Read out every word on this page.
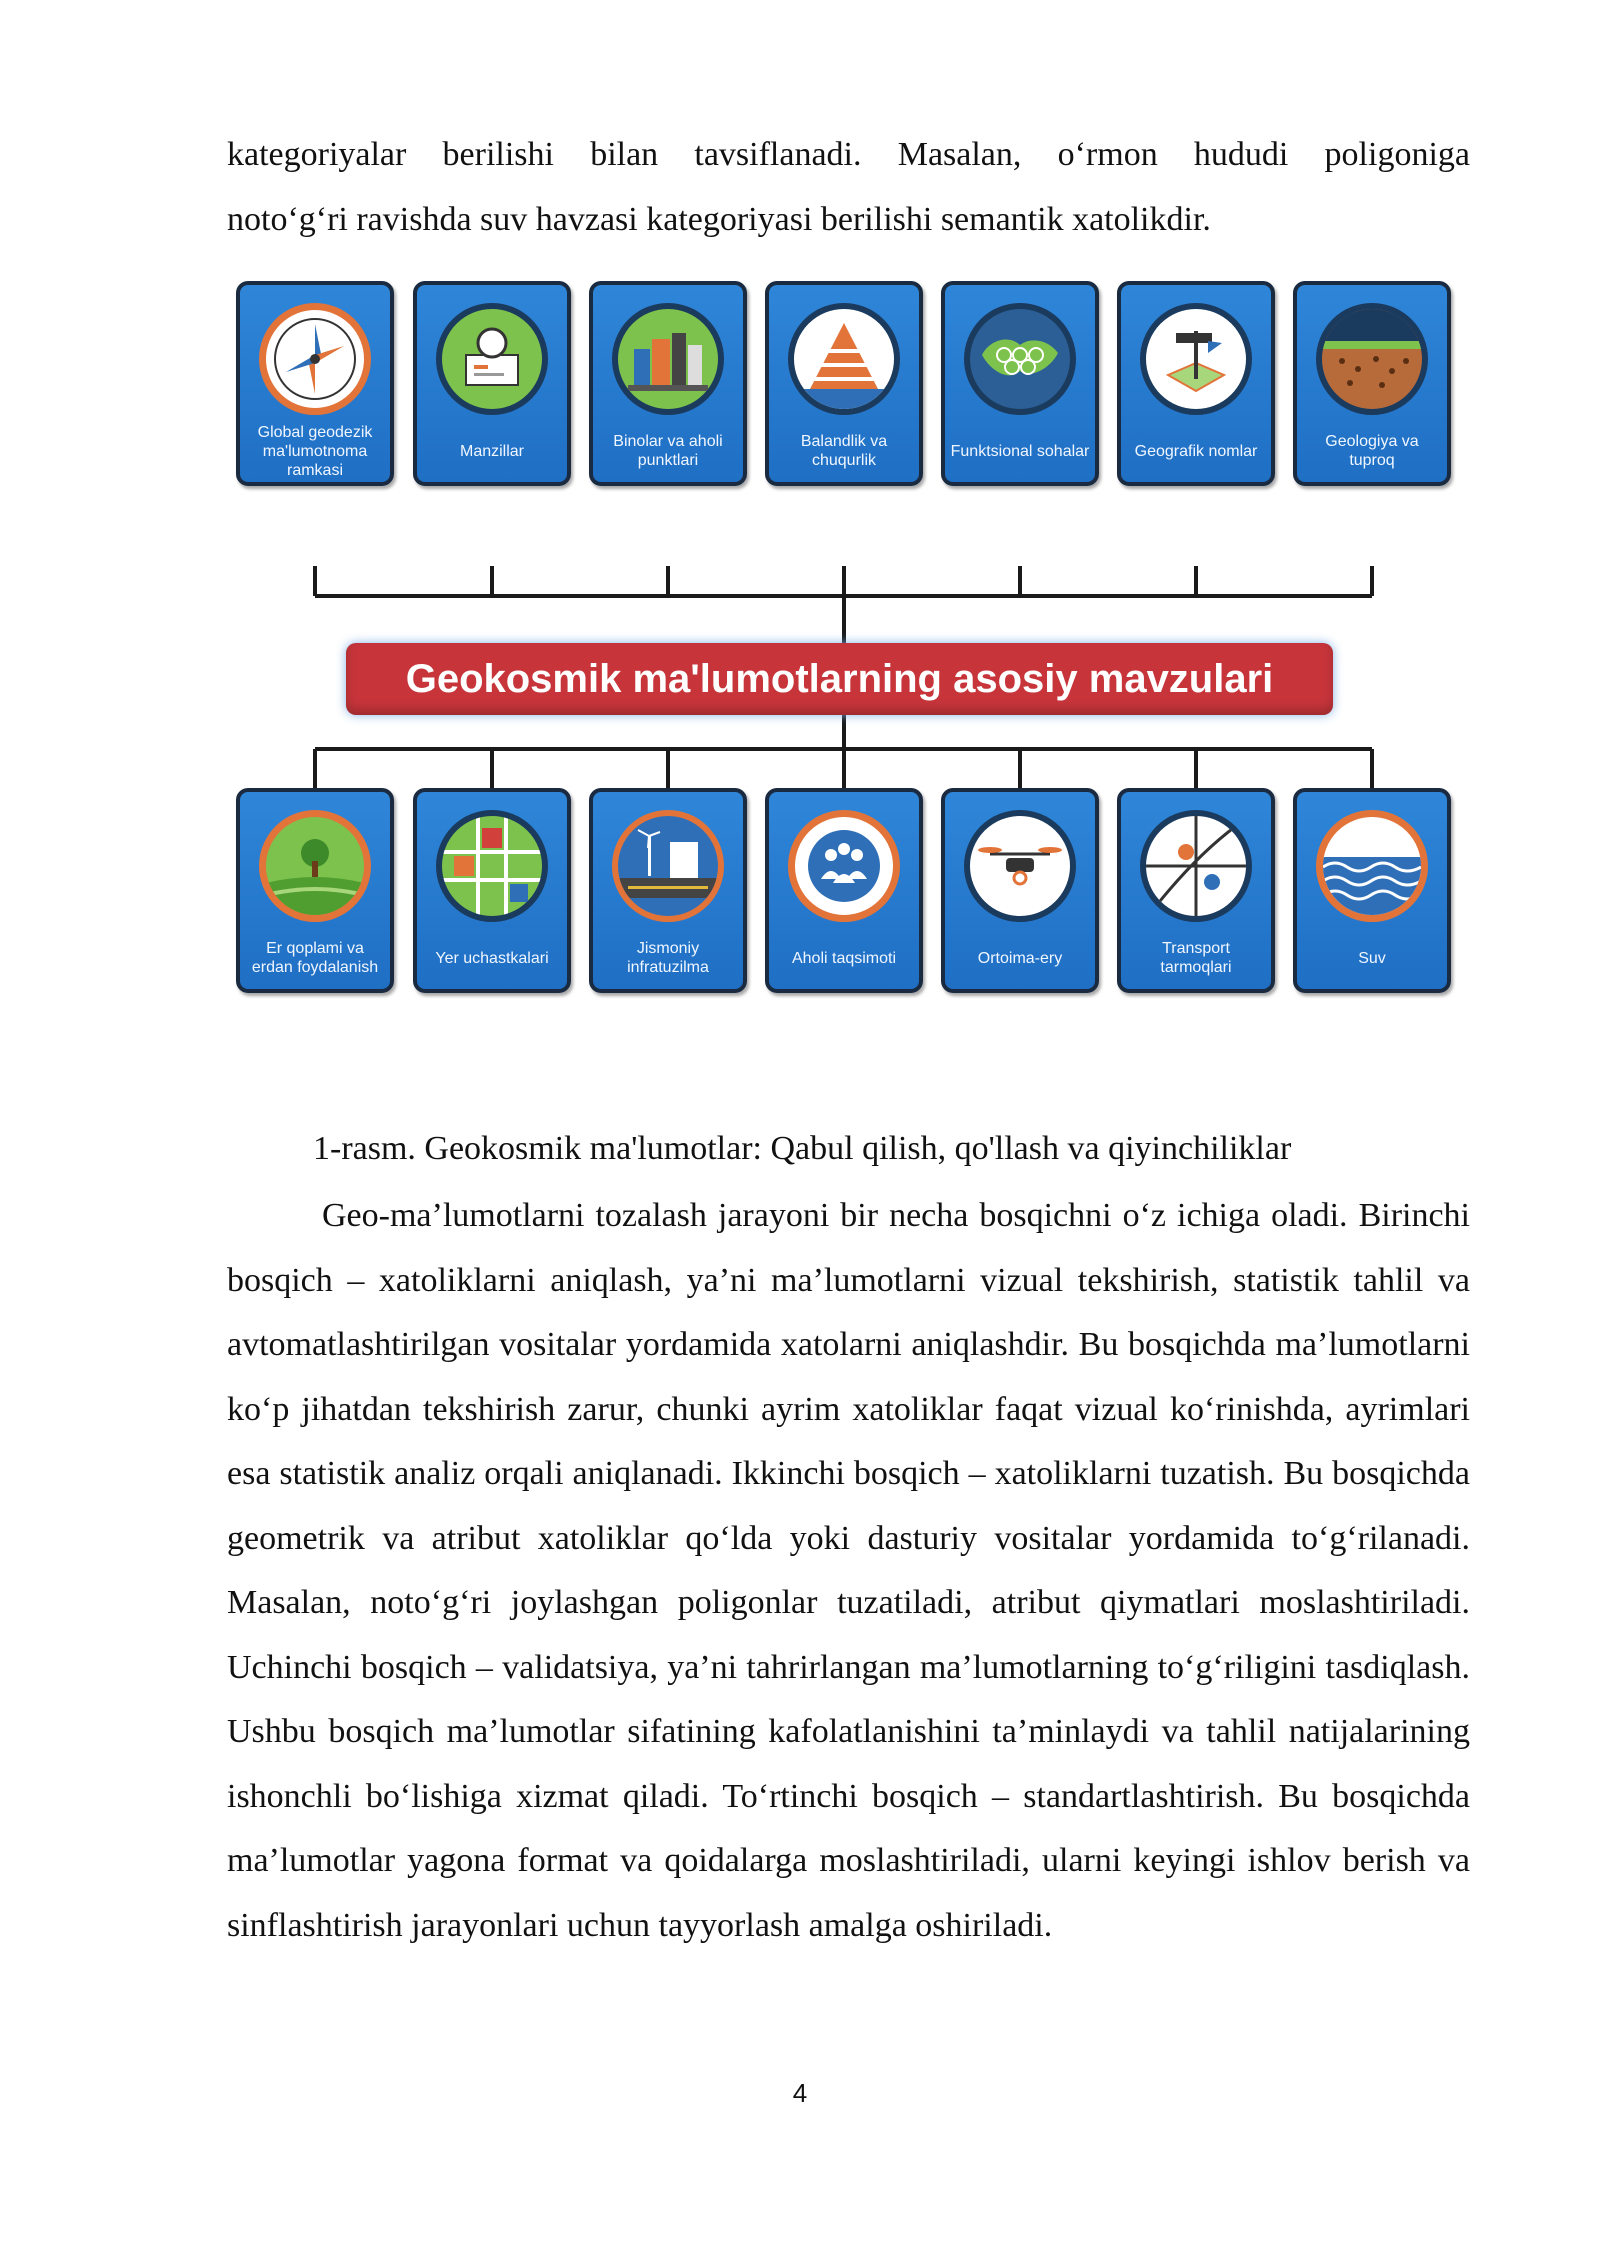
kategoriyalar berilishi bilan tavsiflanadi. Masalan, o‘rmon hududi poligoniga
noto‘g‘ri ravishda suv havzasi kategoriyasi berilishi semantik xatolikdir.
Global geodezik ma'lumotnoma ramkasi
Manzillar
Binolar va aholi punktlari
Balandlik va chuqurlik
Funktsional sohalar	Geografik nomlar
Geologiya va tuproq
Geokosmik ma'lumotlarning asosiy mavzulari
Er qoplami va erdan foydalanish
Yer uchastkalari
Jismoniy infratuzilma
Aholi taqsimoti	Ortoima-ery
Transport tarmoqlari
Suv
1-rasm. Geokosmik ma'lumotlar: Qabul qilish, qo'llash va qiyinchiliklar
Geo-ma’lumotlarni tozalash jarayoni bir necha bosqichni o‘z ichiga oladi. Birinchi bosqich – xatoliklarni aniqlash, ya’ni ma’lumotlarni vizual tekshirish, statistik tahlil va avtomatlashtirilgan vositalar yordamida xatolarni aniqlashdir. Bu bosqichda ma’lumotlarni ko‘p jihatdan tekshirish zarur, chunki ayrim xatoliklar faqat vizual ko‘rinishda, ayrimlari esa statistik analiz orqali aniqlanadi. Ikkinchi bosqich – xatoliklarni tuzatish. Bu bosqichda geometrik va atribut xatoliklar qo‘lda yoki dasturiy vositalar yordamida to‘g‘rilanadi. Masalan, noto‘g‘ri joylashgan poligonlar tuzatiladi, atribut qiymatlari moslashtiriladi. Uchinchi bosqich – validatsiya, ya’ni tahrirlangan ma’lumotlarning to‘g‘riligini tasdiqlash. Ushbu bosqich ma’lumotlar sifatining kafolatlanishini ta’minlaydi va tahlil natijalarining ishonchli bo‘lishiga xizmat qiladi. To‘rtinchi bosqich – standartlashtirish. Bu bosqichda ma’lumotlar yagona format va qoidalarga moslashtiriladi, ularni keyingi ishlov berish va sinflashtirish jarayonlari uchun tayyorlash amalga oshiriladi.
4
